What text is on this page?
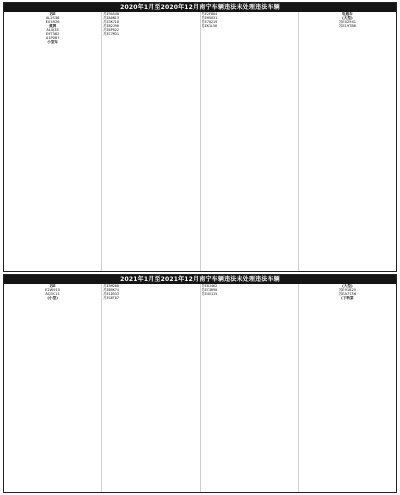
2020年1月至2020年12月南宁车辆违法未处理违法车辆
苏E
AL2S38
E01R26
黄牌
AL0J35
E9T362
A1P087
小型车
苏E9A548
苏EA0N13
苏E3K710
苏EB2J90
苏E6P022
苏EC7M31
苏E2F884
苏EH5031
苏E7Q219
苏EK1L56
电瓶车
(大型)
苏E02941
苏E19T86
2021年1月至2021年12月南宁车辆违法未处理违法车辆
苏E
E2W915
AQ3C11
(小型)
苏E5M208
苏EB9K74
苏E1D533
苏EG6T07
苏E8J462
苏EC3R90
苏E4V115
(大型)
苏E91820
苏EA7756
(下转第
